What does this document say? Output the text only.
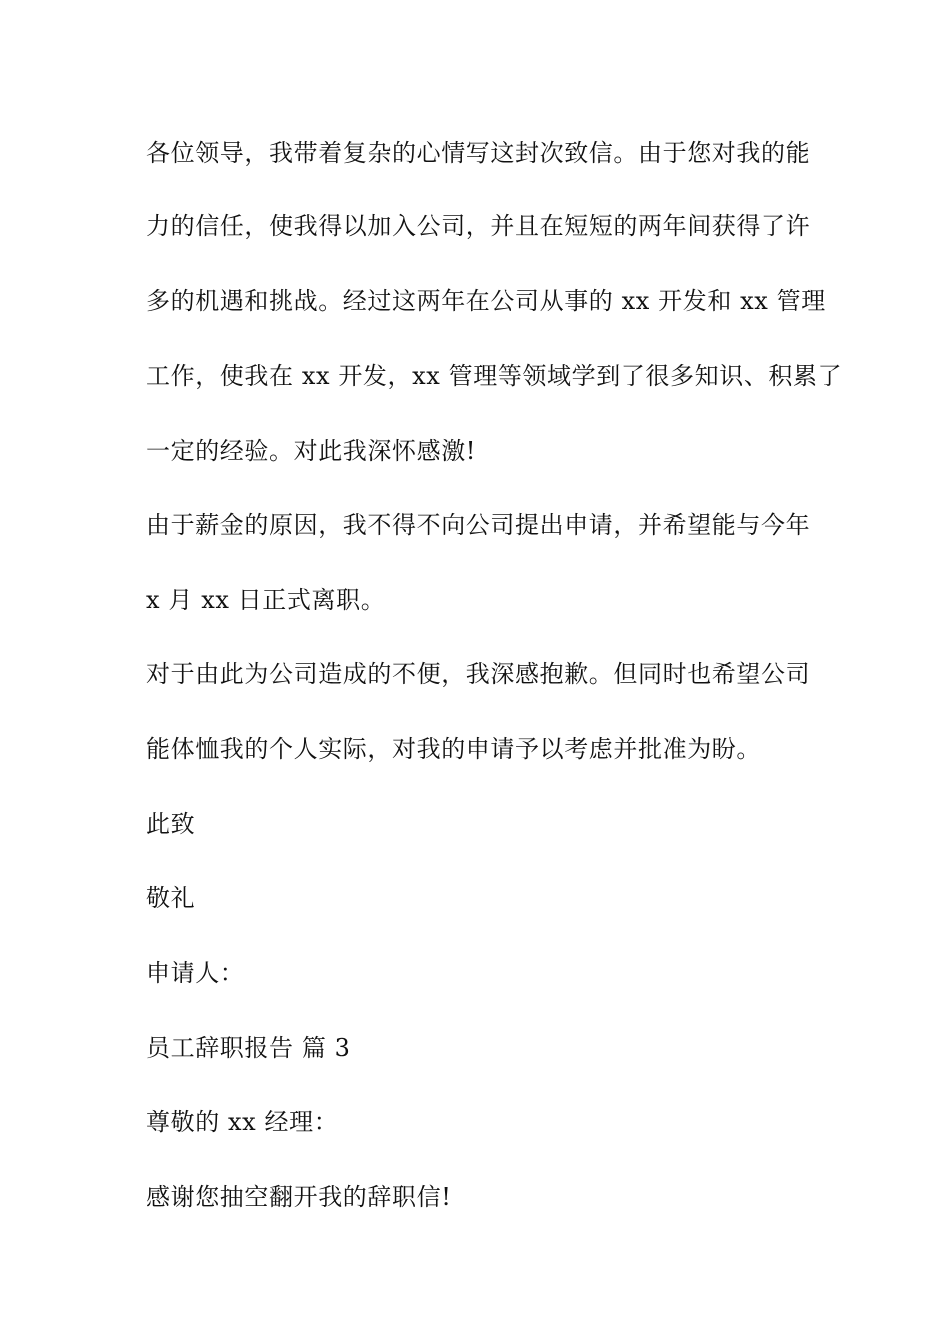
各位领导，我带着复杂的心情写这封次致信。由于您对我的能
力的信任，使我得以加入公司，并且在短短的两年间获得了许
多的机遇和挑战。经过这两年在公司从事的 xx 开发和 xx 管理
工作，使我在 xx 开发，xx 管理等领域学到了很多知识、积累了
一定的经验。对此我深怀感激!
由于薪金的原因，我不得不向公司提出申请，并希望能与今年
x 月 xx 日正式离职。
对于由此为公司造成的不便，我深感抱歉。但同时也希望公司
能体恤我的个人实际，对我的申请予以考虑并批准为盼。
此致
敬礼
申请人：
员工辞职报告 篇 3
尊敬的 xx 经理：
感谢您抽空翻开我的辞职信!
